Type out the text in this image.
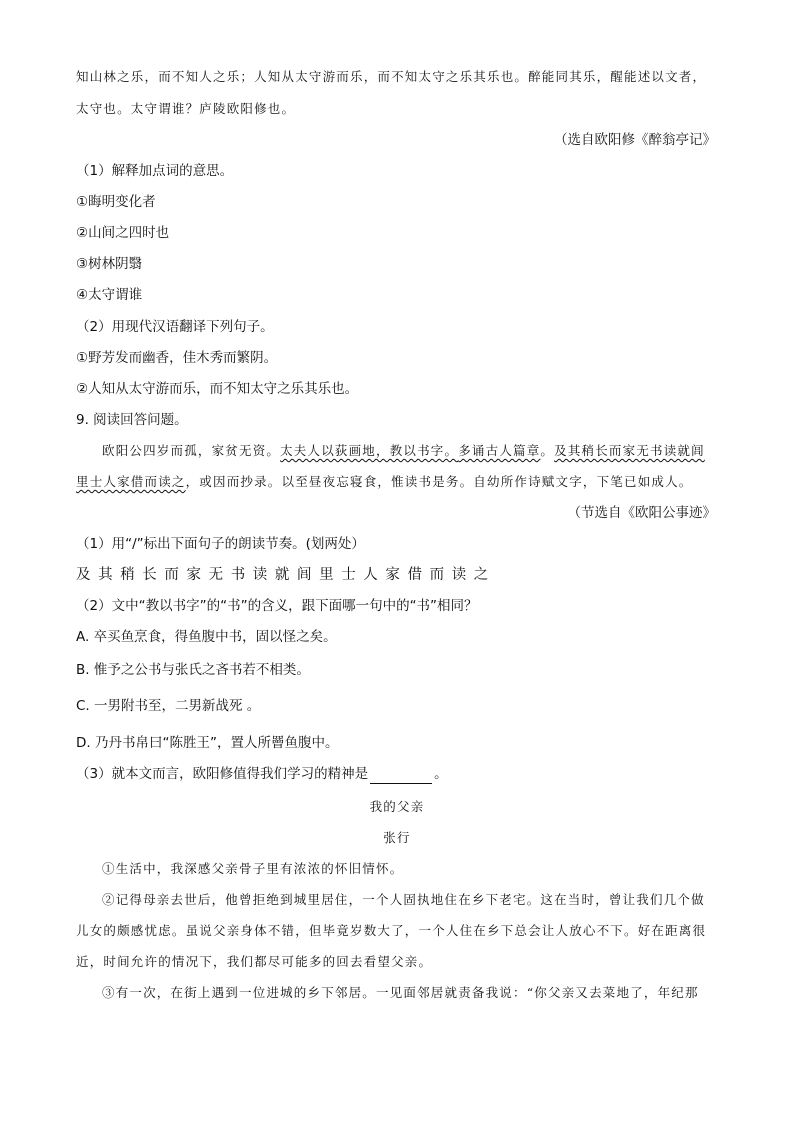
知山林之乐，而不知人之乐；人知从太守游而乐，而不知太守之乐其乐也。醉能同其乐，醒能述以文者，
太守也。太守谓谁？庐陵欧阳修也。
（选自欧阳修《醉翁亭记》
（1）解释加点词的意思。
①晦明变化者
②山间之四时也
③树林阴翳
④太守谓谁
（2）用现代汉语翻译下列句子。
①野芳发而幽香，佳木秀而繁阴。
②人知从太守游而乐，而不知太守之乐其乐也。
9. 阅读回答问题。
欧阳公四岁而孤，家贫无资。太夫人以荻画地，教以书字。多诵古人篇章。及其稍长而家无书读就闾
里士人家借而读之，或因而抄录。以至昼夜忘寝食，惟读书是务。自幼所作诗赋文字，下笔已如成人。
（节选自《欧阳公事迹》
（1）用“/”标出下面句子的朗读节奏。(划两处）
及其稍长而家无书读就闾里士人家借而读之
（2）文中“教以书字”的“书”的含义，跟下面哪一句中的“书”相同？
A. 卒买鱼烹食，得鱼腹中书，固以怪之矣。
B. 惟予之公书与张氏之吝书若不相类。
C. 一男附书至，二男新战死 。
D. 乃丹书帛曰“陈胜王”，置人所罾鱼腹中。
（3）就本文而言，欧阳修值得我们学习的精神是	。
我的父亲
张行
①生活中，我深感父亲骨子里有浓浓的怀旧情怀。
②记得母亲去世后，他曾拒绝到城里居住，一个人固执地住在乡下老宅。这在当时，曾让我们几个做
儿女的颇感忧虑。虽说父亲身体不错，但毕竟岁数大了，一个人住在乡下总会让人放心不下。好在距离很
近，时间允许的情况下，我们都尽可能多的回去看望父亲。
③有一次，在街上遇到一位进城的乡下邻居。一见面邻居就责备我说：“你父亲又去菜地了，年纪那
